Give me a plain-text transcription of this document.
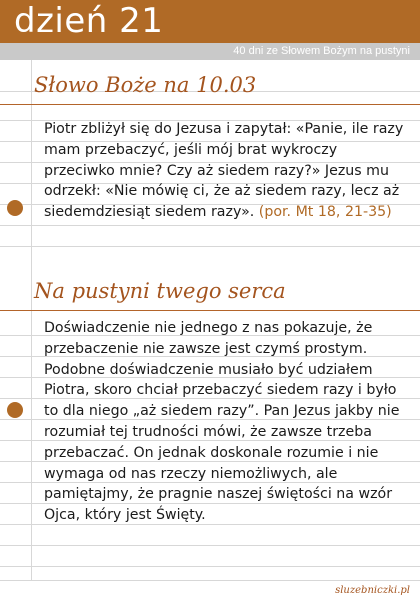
dzień 21
40 dni ze Słowem Bożym na pustyni
Słowo Boże na 10.03
Piotr zbliżył się do Jezusa i zapytał: «Panie, ile razy mam przebaczyć, jeśli mój brat wykroczy przeciwko mnie? Czy aż siedem razy?» Jezus mu odrzekł: «Nie mówię ci, że aż siedem razy, lecz aż siedemdziesiąt siedem razy». (por. Mt 18, 21-35)
Na pustyni twego serca
Doświadczenie nie jednego z nas pokazuje, że przebaczenie nie zawsze jest czymś prostym. Podobne doświadczenie musiało być udziałem Piotra, skoro chciał przebaczyć siedem razy i było to dla niego „aż siedem razy”. Pan Jezus jakby nie rozumiał tej trudności mówi, że zawsze trzeba przebaczać. On jednak doskonale rozumie i nie wymaga od nas rzeczy niemożliwych, ale pamiętajmy, że pragnie naszej świętości na wzór Ojca, który jest Święty.
sluzebniczki.pl
